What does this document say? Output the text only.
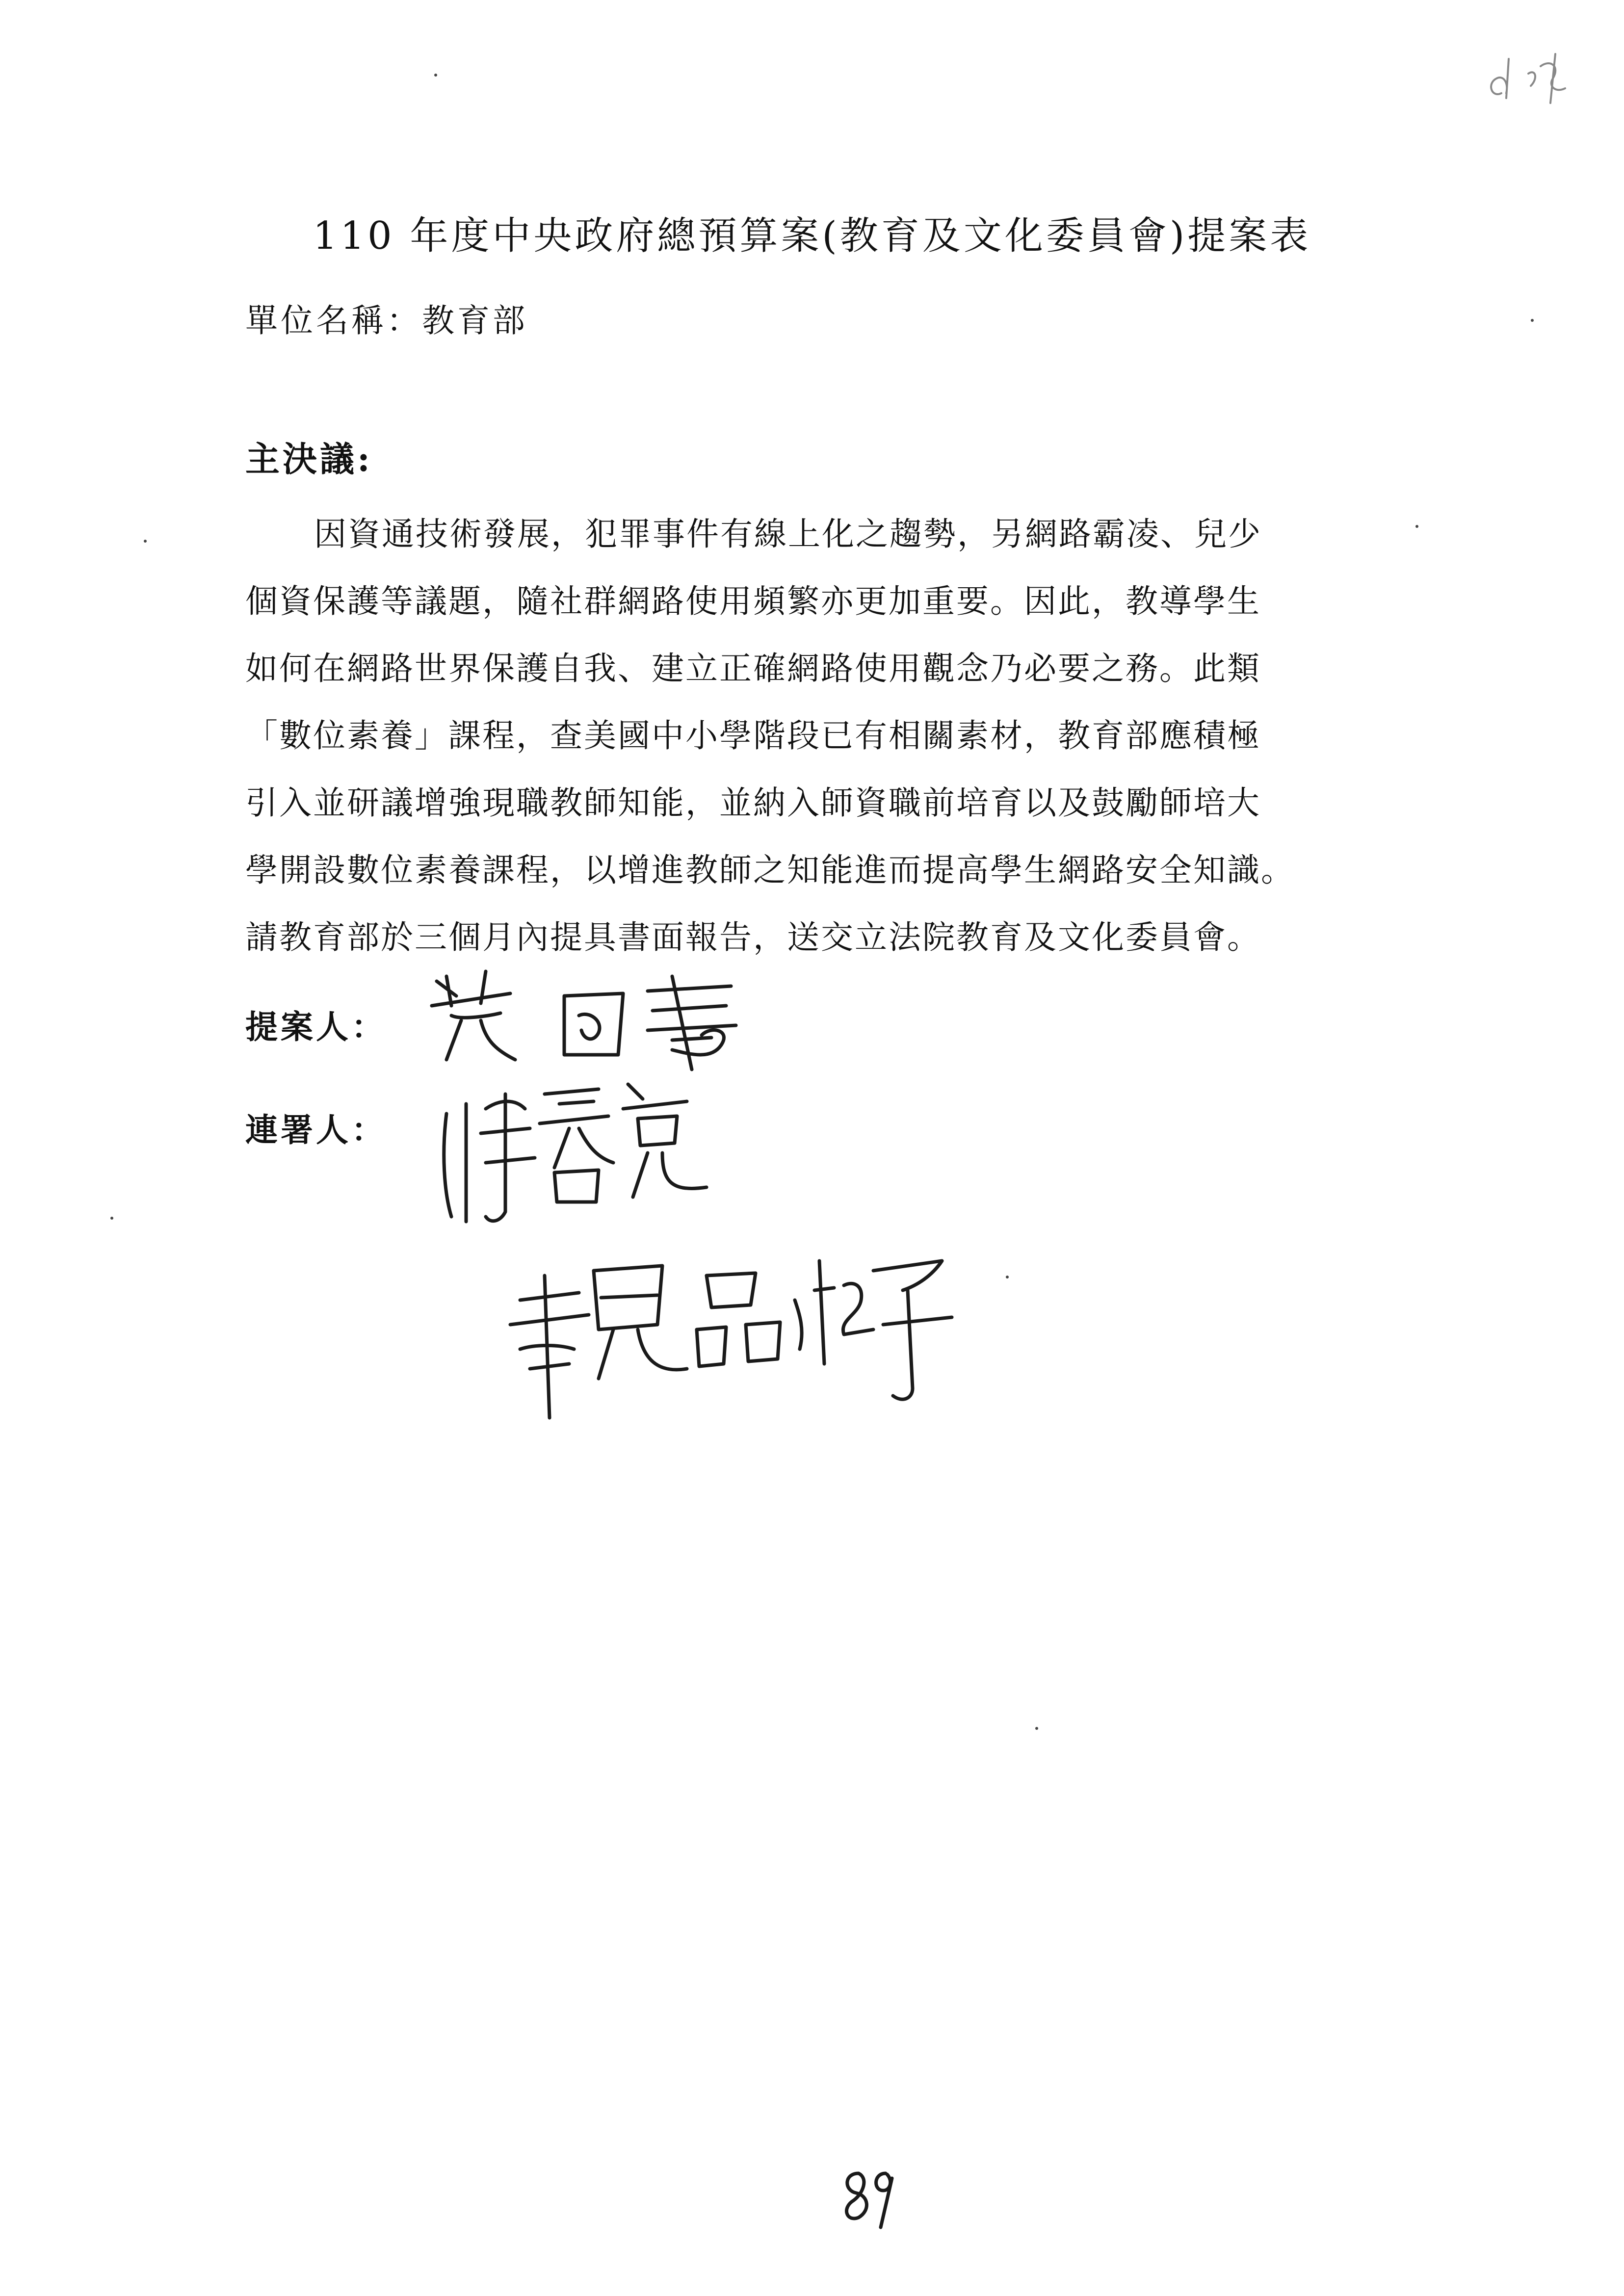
110 年度中央政府總預算案(教育及文化委員會)提案表
單位名稱：教育部
主決議:
因資通技術發展，犯罪事件有線上化之趨勢，另網路霸凌、兒少
個資保護等議題，隨社群網路使用頻繁亦更加重要。因此，教導學生
如何在網路世界保護自我、建立正確網路使用觀念乃必要之務。此類
「數位素養」課程，查美國中小學階段已有相關素材，教育部應積極
引入並研議增強現職教師知能，並納入師資職前培育以及鼓勵師培大
學開設數位素養課程，以增進教師之知能進而提高學生網路安全知識。
請教育部於三個月內提具書面報告，送交立法院教育及文化委員會。
提案人：
連署人：
